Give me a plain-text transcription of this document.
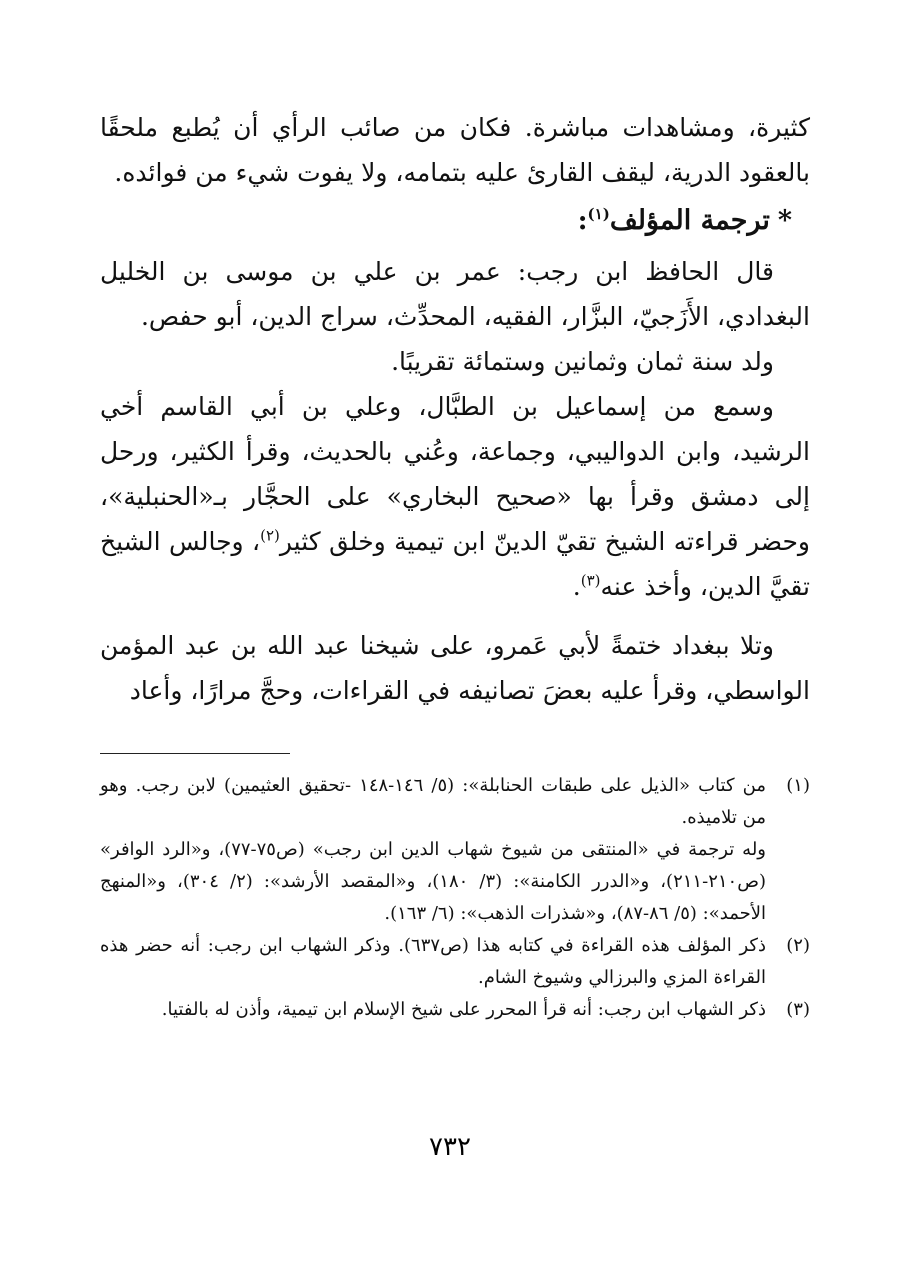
كثيرة، ومشاهدات مباشرة. فكان من صائب الرأي أن يُطبع ملحقًا بالعقود الدرية، ليقف القارئ عليه بتمامه، ولا يفوت شيء من فوائده.

*ترجمة المؤلف$^{(١)}$:

قال الحافظ ابن رجب: عمر بن علي بن موسى بن الخليل البغدادي، الأَزَجيّ، البزَّار، الفقيه، المحدِّث، سراج الدين، أبو حفص.

ولد سنة ثمان وثمانين وستمائة تقريبًا.

وسمع من إسماعيل بن الطبَّال، وعلي بن أبي القاسم أخي الرشيد، وابن الدواليبي، وجماعة، وعُني بالحديث، وقرأ الكثير، ورحل إلى دمشق وقرأ بها «صحيح البخاري» على الحجَّار بـ«الحنبلية»، وحضر قراءته الشيخ تقيّ الدينّ ابن تيمية وخلق كثير$^{(٢)}$، وجالس الشيخ تقيَّ الدين، وأخذ عنه$^{(٣)}$.

وتلا ببغداد ختمةً لأبي عَمرو، على شيخنا عبد الله بن عبد المؤمن الواسطي، وقرأ عليه بعضَ تصانيفه في القراءات، وحجَّ مرارًا، وأعاد

(١)
من كتاب «الذيل على طبقات الحنابلة»: (٥/ ١٤٦-١٤٨ -تحقيق العثيمين) لابن رجب. وهو من تلاميذه.
وله ترجمة في «المنتقى من شيوخ شهاب الدين ابن رجب» (ص٧٥-٧٧)، و«الرد الوافر» (ص٢١٠-٢١١)، و«الدرر الكامنة»: (٣/ ١٨٠)، و«المقصد الأرشد»: (٢/ ٣٠٤)، و«المنهج الأحمد»: (٥/ ٨٦-٨٧)، و«شذرات الذهب»: (٦/ ١٦٣).
(٢)
ذكر المؤلف هذه القراءة في كتابه هذا (ص٦٣٧). وذكر الشهاب ابن رجب: أنه حضر هذه القراءة المزي والبرزالي وشيوخ الشام.
(٣)
ذكر الشهاب ابن رجب: أنه قرأ المحرر على شيخ الإسلام ابن تيمية، وأذن له بالفتيا.
٧٣٢
